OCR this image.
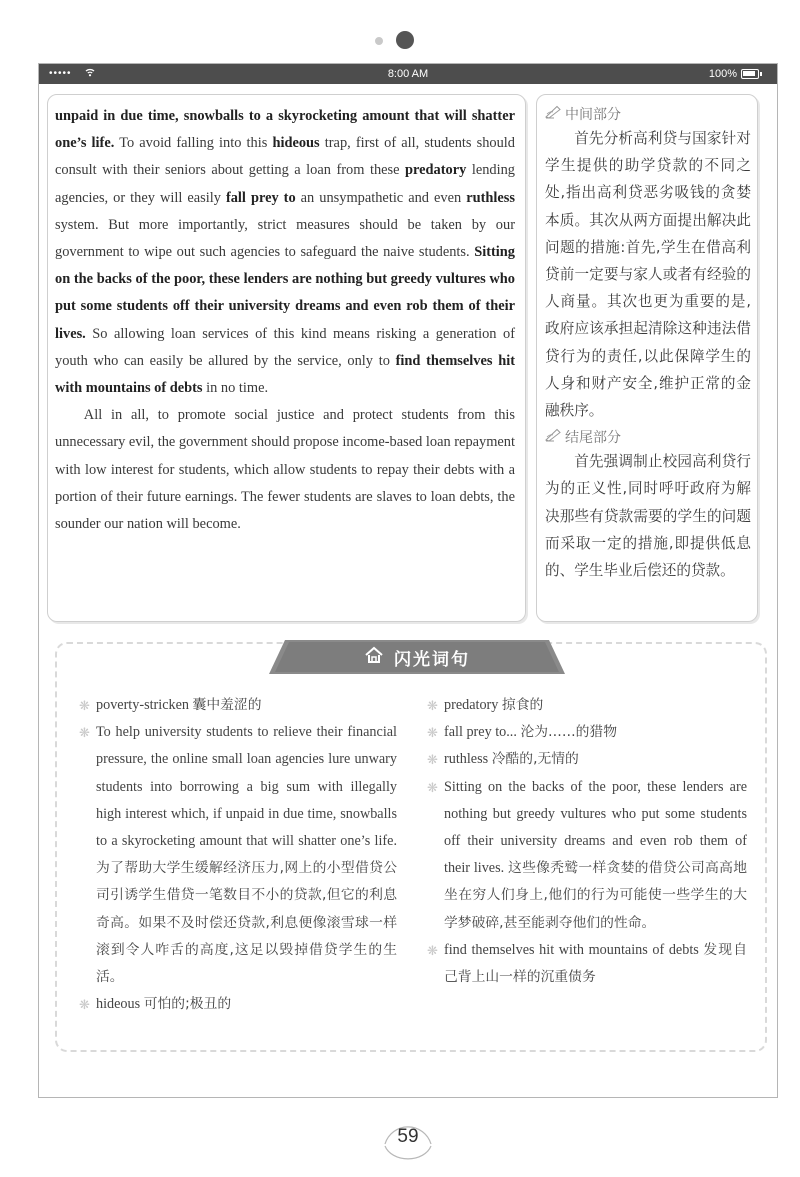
•••••	8:00 AM	100%

unpaid in due time, snowballs to a skyrocketing amount that will shatter one’s life. To avoid falling into this hideous trap, first of all, students should consult with their seniors about getting a loan from these predatory lending agencies, or they will easily fall prey to an unsympathetic and even ruthless system. But more importantly, strict measures should be taken by our government to wipe out such agencies to safeguard the naive students. Sitting on the backs of the poor, these lenders are nothing but greedy vultures who put some students off their university dreams and even rob them of their lives. So allowing loan services of this kind means risking a generation of youth who can easily be allured by the service, only to find themselves hit with mountains of debts in no time.

All in all, to promote social justice and protect students from this unnecessary evil, the government should propose income-based loan repayment with low interest for students, which allow students to repay their debts with a portion of their future earnings. The fewer students are slaves to loan debts, the sounder our nation will become.

中间部分
首先分析高利贷与国家针对学生提供的助学贷款的不同之处,指出高利贷恶劣吸钱的贪婪本质。其次从两方面提出解决此问题的措施:首先,学生在借高利贷前一定要与家人或者有经验的人商量。其次也更为重要的是,政府应该承担起清除这种违法借贷行为的责任,以此保障学生的人身和财产安全,维护正常的金融秩序。
结尾部分
首先强调制止校园高利贷行为的正义性,同时呼吁政府为解决那些有贷款需要的学生的问题而采取一定的措施,即提供低息的、学生毕业后偿还的贷款。
闪光词句
❋ poverty-stricken 囊中羞涩的
❋ To help university students to relieve their financial pressure, the online small loan agencies lure unwary students into borrowing a big sum with illegally high interest which, if unpaid in due time, snowballs to a skyrocketing amount that will shatter one’s life. 为了帮助大学生缓解经济压力,网上的小型借贷公司引诱学生借贷一笔数目不小的贷款,但它的利息奇高。如果不及时偿还贷款,利息便像滚雪球一样滚到令人咋舌的高度,这足以毁掉借贷学生的生活。
❋ hideous 可怕的;极丑的
❋ predatory 掠食的
❋ fall prey to... 沦为……的猎物
❋ ruthless 冷酷的,无情的
❋ Sitting on the backs of the poor, these lenders are nothing but greedy vultures who put some students off their university dreams and even rob them of their lives. 这些像秃鹫一样贪婪的借贷公司高高地坐在穷人们身上,他们的行为可能使一些学生的大学梦破碎,甚至能剥夺他们的性命。
❋ find themselves hit with mountains of debts 发现自己背上山一样的沉重债务
59
